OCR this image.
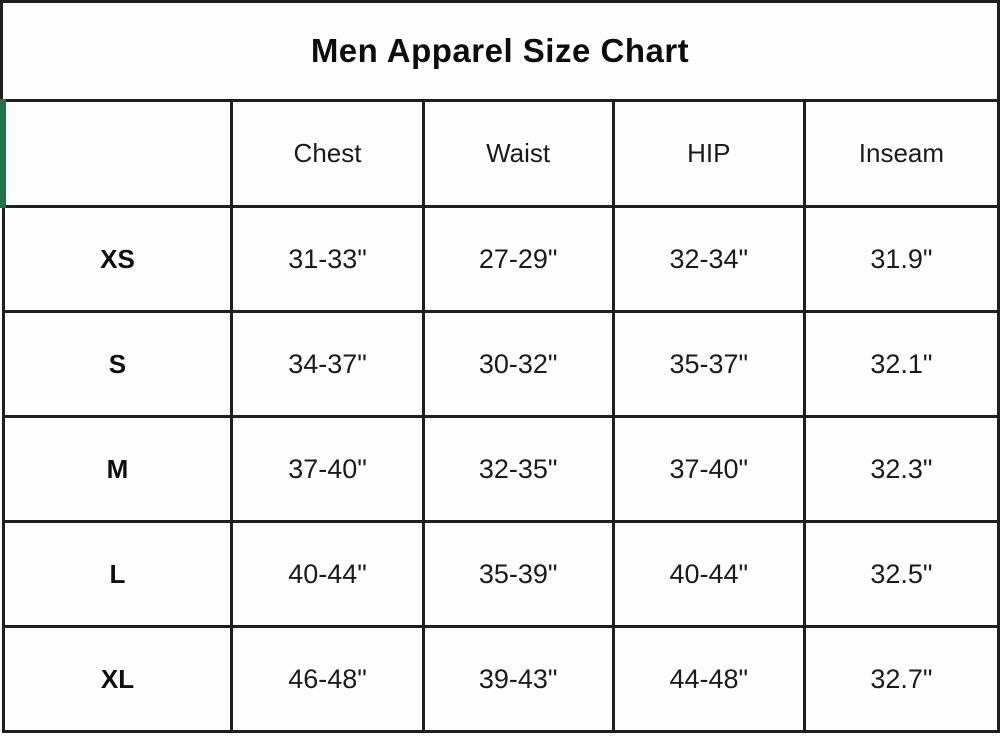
Men Apparel Size Chart
	Chest	Waist	HIP	Inseam
XS	31-33"	27-29"	32-34"	31.9"
S	34-37"	30-32"	35-37"	32.1"
M	37-40"	32-35"	37-40"	32.3"
L	40-44"	35-39"	40-44"	32.5"
XL	46-48"	39-43"	44-48"	32.7"
